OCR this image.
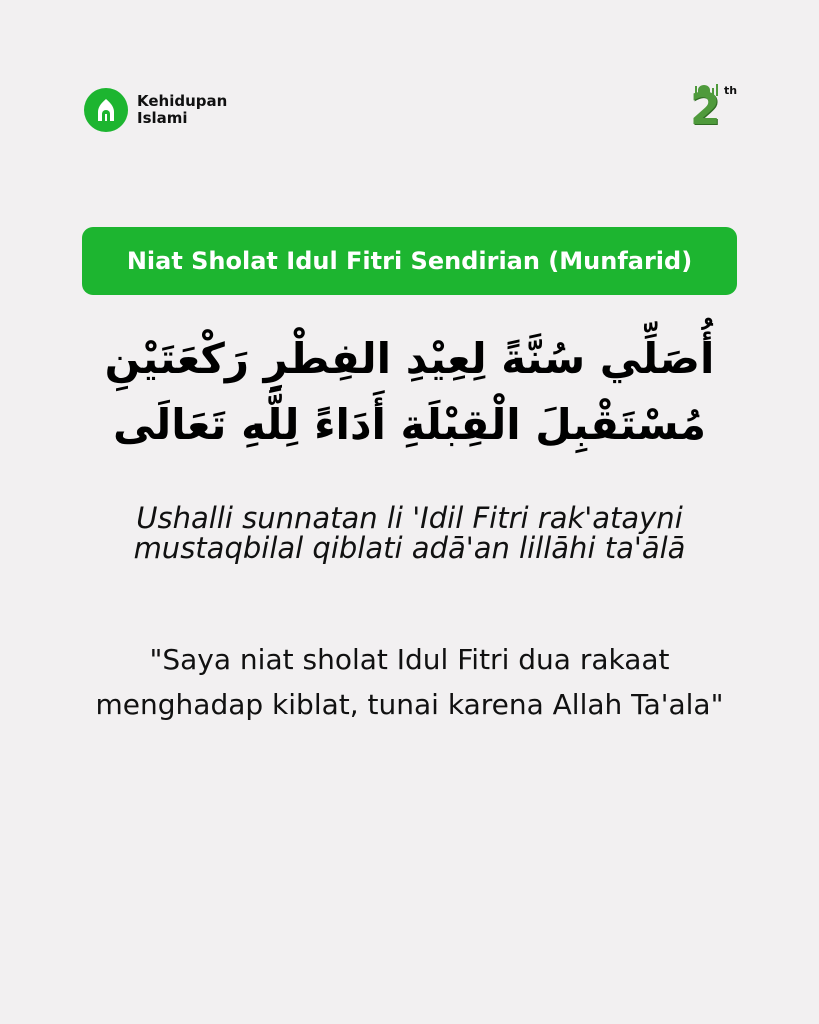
Kehidupan
Islami	2 th
Niat Sholat Idul Fitri Sendirian (Munfarid)
أُصَلِّي سُنَّةً لِعِيْدِ الفِطْرِ رَكْعَتَيْنِ
مُسْتَقْبِلَ الْقِبْلَةِ أَدَاءً لِلَّهِ تَعَالَى
Ushalli sunnatan li 'Idil Fitri rak'atayni mustaqbilal qiblati adā'an lillāhi ta'ālā
"Saya niat sholat Idul Fitri dua rakaat menghadap kiblat, tunai karena Allah Ta'ala"
